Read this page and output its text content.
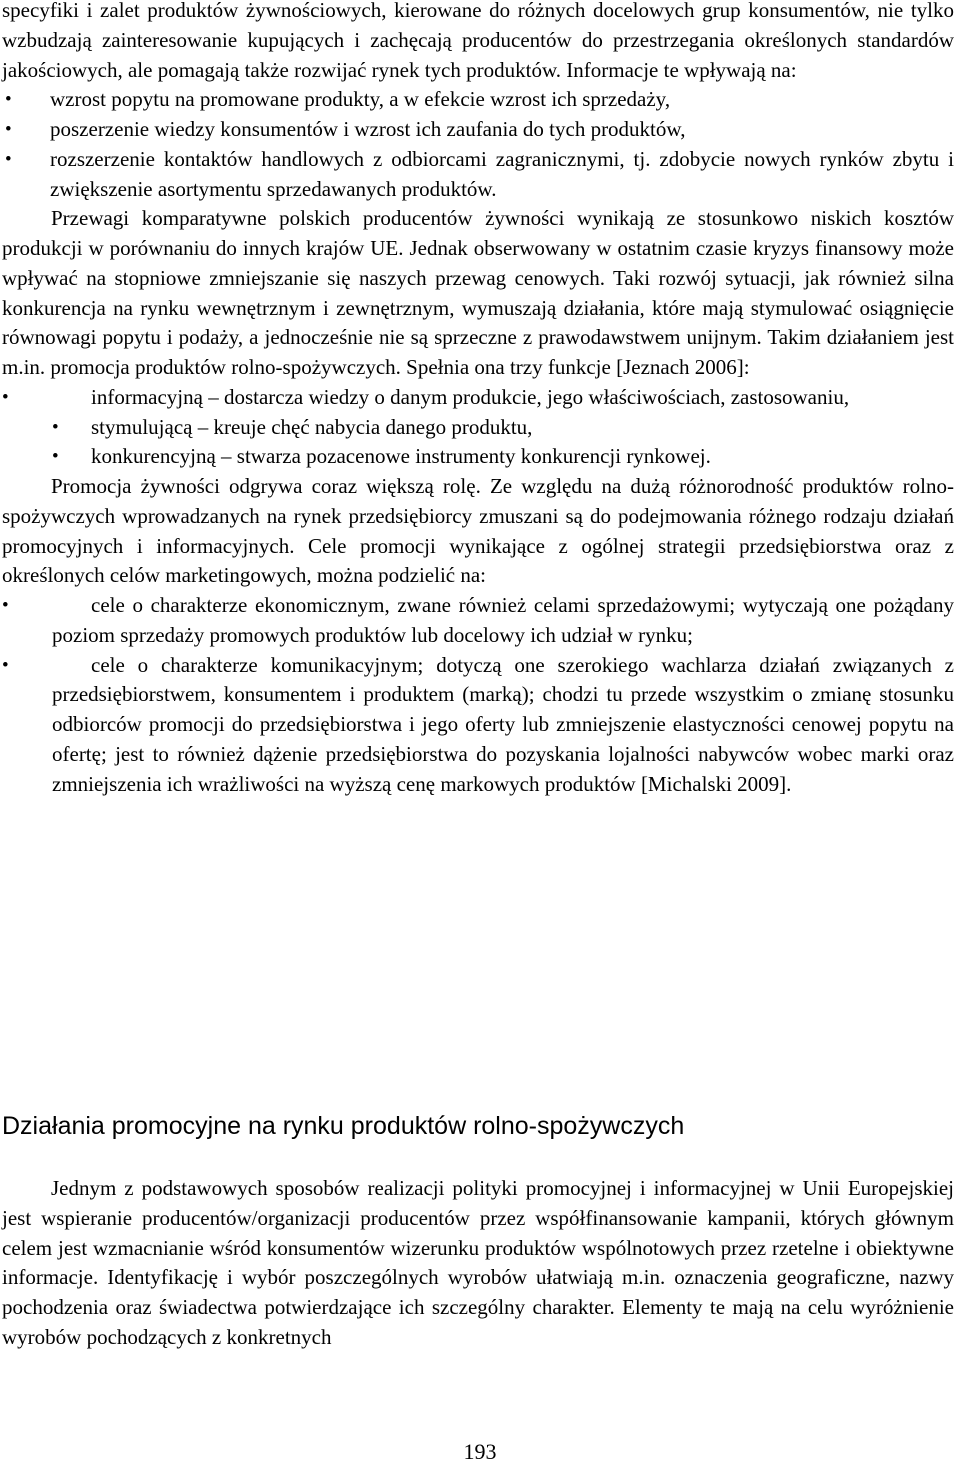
specyfiki i zalet produktów żywnościowych, kierowane do różnych docelowych grup konsumentów, nie tylko wzbudzają zainteresowanie kupujących i zachęcają producentów do przestrzegania określonych standardów jakościowych, ale pomagają także rozwijać rynek tych produktów. Informacje te wpływają na:

• wzrost popytu na promowane produkty, a w efekcie wzrost ich sprzedaży,
• poszerzenie wiedzy konsumentów i wzrost ich zaufania do tych produktów,
• rozszerzenie kontaktów handlowych z odbiorcami zagranicznymi, tj. zdobycie nowych rynków zbytu i zwiększenie asortymentu sprzedawanych produktów.

Przewagi komparatywne polskich producentów żywności wynikają ze stosunkowo niskich kosztów produkcji w porównaniu do innych krajów UE. Jednak obserwowany w ostatnim czasie kryzys finansowy może wpływać na stopniowe zmniejszanie się naszych przewag cenowych. Taki rozwój sytuacji, jak również silna konkurencja na rynku wewnętrznym i zewnętrznym, wymuszają działania, które mają stymulować osiągnięcie równowagi popytu i podaży, a jednocześnie nie są sprzeczne z prawodawstwem unijnym. Takim działaniem jest m.in. promocja produktów rolno-spożywczych. Spełnia ona trzy funkcje [Jeznach 2006]:

•	informacyjną – dostarcza wiedzy o danym produkcie, jego właściwościach, zastosowaniu,
• stymulującą – kreuje chęć nabycia danego produktu,
• konkurencyjną – stwarza pozacenowe instrumenty konkurencji rynkowej.

Promocja żywności odgrywa coraz większą rolę. Ze względu na dużą różnorodność produktów rolno-spożywczych wprowadzanych na rynek przedsiębiorcy zmuszani są do podejmowania różnego rodzaju działań promocyjnych i informacyjnych. Cele promocji wynikające z ogólnej strategii przedsiębiorstwa oraz z określonych celów marketingowych, można podzielić na:

•	cele o charakterze ekonomicznym, zwane również celami sprzedażowymi; wytyczają one pożądany poziom sprzedaży promowych produktów lub docelowy ich udział w rynku;
•	cele o charakterze komunikacyjnym; dotyczą one szerokiego wachlarza działań związanych z przedsiębiorstwem, konsumentem i produktem (marką); chodzi tu przede wszystkim o zmianę stosunku odbiorców promocji do przedsiębiorstwa i jego oferty lub zmniejszenie elastyczności cenowej popytu na ofertę; jest to również dążenie przedsiębiorstwa do pozyskania lojalności nabywców wobec marki oraz zmniejszenia ich wrażliwości na wyższą cenę markowych produktów [Michalski 2009].
Działania promocyjne na rynku produktów rolno-spożywczych

Jednym z podstawowych sposobów realizacji polityki promocyjnej i informacyjnej w Unii Europejskiej jest wspieranie producentów/organizacji producentów przez współfinansowanie kampanii, których głównym celem jest wzmacnianie wśród konsumentów wizerunku produktów wspólnotowych przez rzetelne i obiektywne informacje. Identyfikację i wybór poszczególnych wyrobów ułatwiają m.in. oznaczenia geograficzne, nazwy pochodzenia oraz świadectwa potwierdzające ich szczególny charakter. Elementy te mają na celu wyróżnienie wyrobów pochodzących z konkretnych

193
